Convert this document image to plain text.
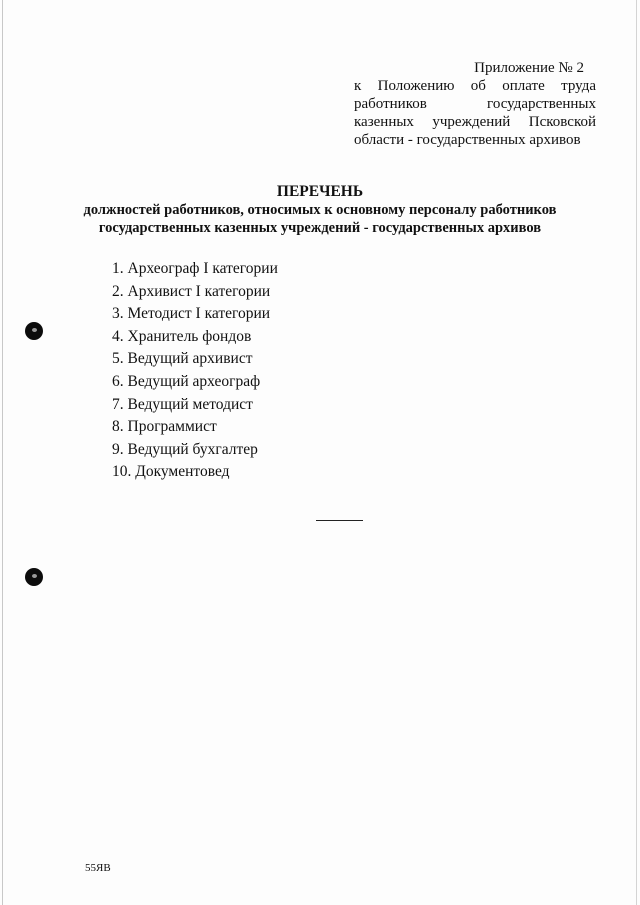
Приложение № 2
к Положению об оплате труда работников государственных казенных учреждений Псковской области - государственных архивов
ПЕРЕЧЕНЬ
должностей работников, относимых к основному персоналу работников
государственных казенных учреждений - государственных архивов
1. Археограф I категории
2. Архивист I категории
3. Методист I категории
4. Хранитель фондов
5. Ведущий архивист
6. Ведущий археограф
7. Ведущий методист
8. Программист
9. Ведущий бухгалтер
10. Документовед
55ЯВ
